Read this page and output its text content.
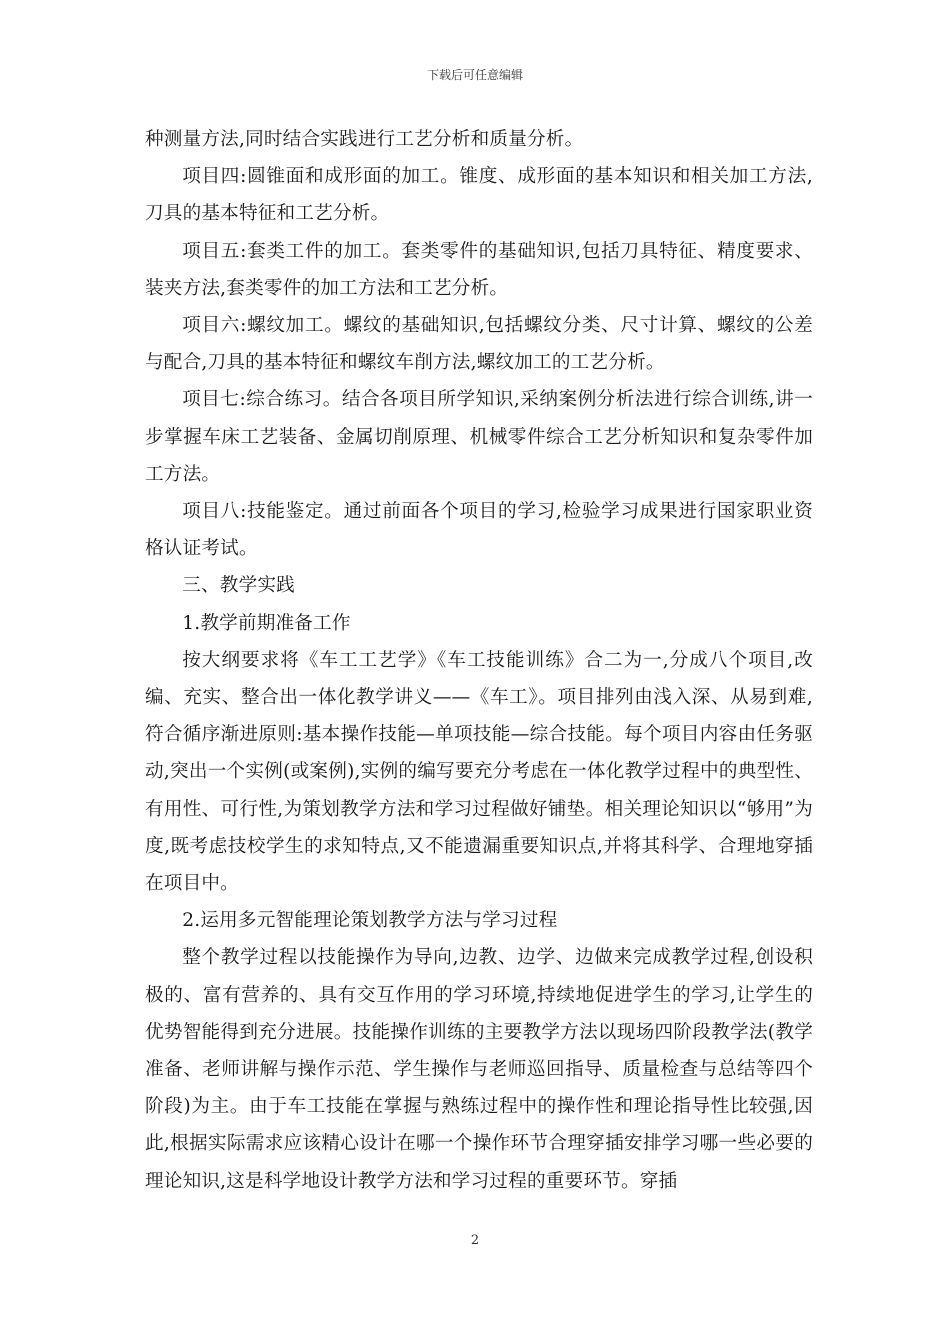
下载后可任意编辑

种测量方法,同时结合实践进行工艺分析和质量分析。

项目四:圆锥面和成形面的加工。锥度、成形面的基本知识和相关加工方法,刀具的基本特征和工艺分析。

项目五:套类工件的加工。套类零件的基础知识,包括刀具特征、精度要求、装夹方法,套类零件的加工方法和工艺分析。

项目六:螺纹加工。螺纹的基础知识,包括螺纹分类、尺寸计算、螺纹的公差与配合,刀具的基本特征和螺纹车削方法,螺纹加工的工艺分析。

项目七:综合练习。结合各项目所学知识,采纳案例分析法进行综合训练,讲一步掌握车床工艺装备、金属切削原理、机械零件综合工艺分析知识和复杂零件加工方法。

项目八:技能鉴定。通过前面各个项目的学习,检验学习成果进行国家职业资格认证考试。

三、教学实践

1.教学前期准备工作

按大纲要求将《车工工艺学》《车工技能训练》合二为一,分成八个项目,改编、充实、整合出一体化教学讲义——《车工》。项目排列由浅入深、从易到难,符合循序渐进原则:基本操作技能—单项技能—综合技能。每个项目内容由任务驱动,突出一个实例(或案例),实例的编写要充分考虑在一体化教学过程中的典型性、有用性、可行性,为策划教学方法和学习过程做好铺垫。相关理论知识以“够用”为度,既考虑技校学生的求知特点,又不能遗漏重要知识点,并将其科学、合理地穿插在项目中。

2.运用多元智能理论策划教学方法与学习过程

整个教学过程以技能操作为导向,边教、边学、边做来完成教学过程,创设积极的、富有营养的、具有交互作用的学习环境,持续地促进学生的学习,让学生的优势智能得到充分进展。技能操作训练的主要教学方法以现场四阶段教学法(教学准备、老师讲解与操作示范、学生操作与老师巡回指导、质量检查与总结等四个阶段)为主。由于车工技能在掌握与熟练过程中的操作性和理论指导性比较强,因此,根据实际需求应该精心设计在哪一个操作环节合理穿插安排学习哪一些必要的理论知识,这是科学地设计教学方法和学习过程的重要环节。穿插

2
